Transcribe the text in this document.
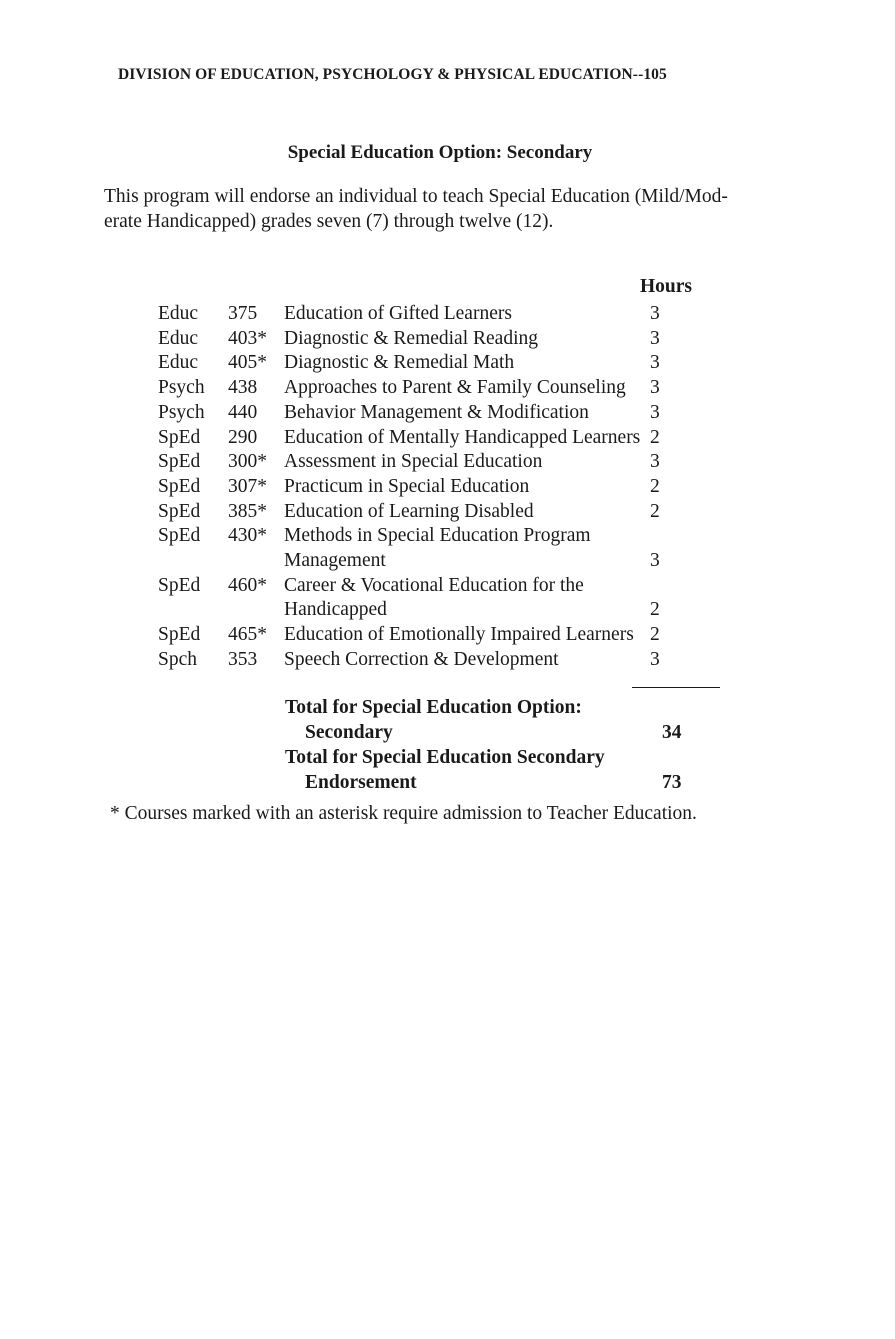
DIVISION OF EDUCATION, PSYCHOLOGY & PHYSICAL EDUCATION--105
Special Education Option: Secondary
This program will endorse an individual to teach Special Education (Mild/Mod-
erate Handicapped) grades seven (7) through twelve (12).
Hours
Educ	375	Education of Gifted Learners	3
Educ	403*	Diagnostic & Remedial Reading	3
Educ	405*	Diagnostic & Remedial Math	3
Psych	438	Approaches to Parent & Family Counseling	3
Psych	440	Behavior Management & Modification	3
SpEd	290	Education of Mentally Handicapped Learners	2
SpEd	300*	Assessment in Special Education	3
SpEd	307*	Practicum in Special Education	2
SpEd	385*	Education of Learning Disabled	2
SpEd	430*	Methods in Special Education Program	
		Management	3
SpEd	460*	Career & Vocational Education for the	
		Handicapped	2
SpEd	465*	Education of Emotionally Impaired Learners	2
Spch	353	Speech Correction & Development	3
Total for Special Education Option:
Secondary	34
Total for Special Education Secondary
Endorsement	73
* Courses marked with an asterisk require admission to Teacher Education.
